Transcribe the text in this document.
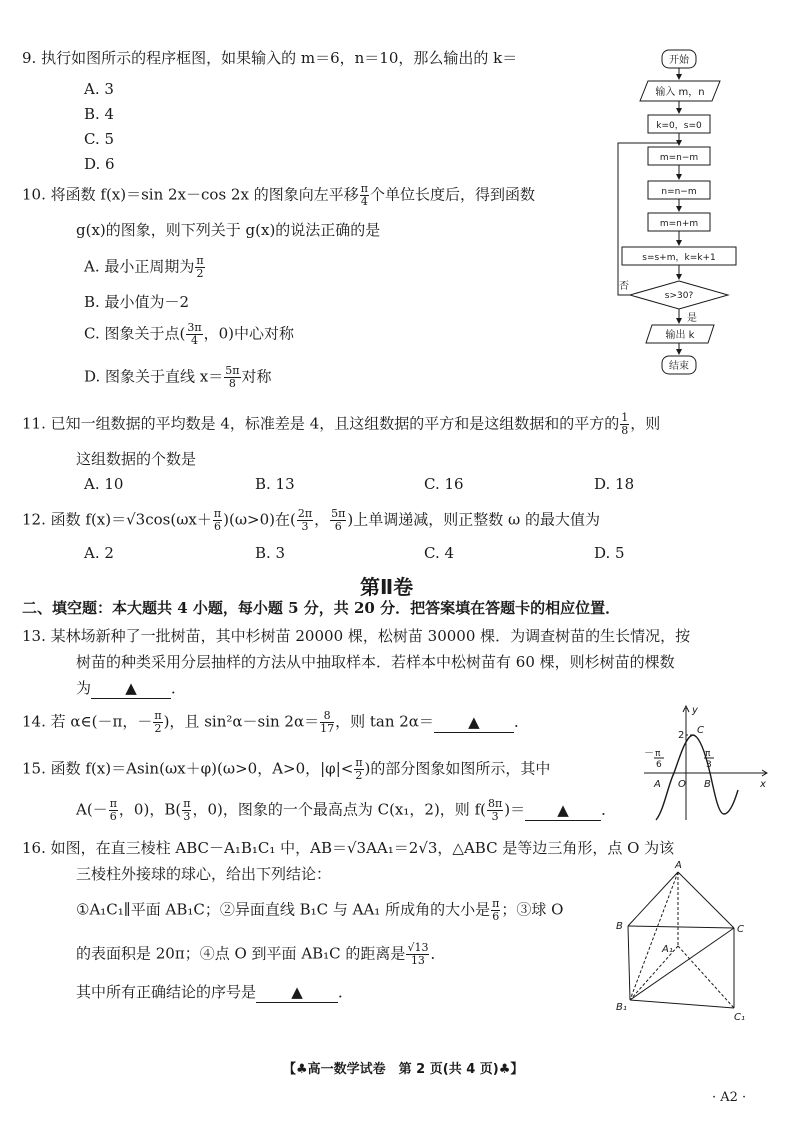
9. 执行如图所示的程序框图，如果输入的 m＝6，n＝10，那么输出的 k＝
A. 3
B. 4
C. 5
D. 6
开始
输入 m，n
k=0，s=0
m=n−m
n=n−m
m=n+m
s=s+m，k=k+1
s>30?
否
是
输出 k
结束
10. 将函数 f(x)＝sin 2x－cos 2x 的图象向左平移 $\frac{\pi}{4}$ 个单位长度后，得到函数
g(x)的图象，则下列关于 g(x)的说法正确的是
A. 最小正周期为 $\frac{\pi}{2}$
B. 最小值为－2
C. 图象关于点( $\frac{3\pi}{4}$ ，0)中心对称
D. 图象关于直线 $x= \frac{5\pi}{8}$ 对称
11. 已知一组数据的平均数是 4，标准差是 4，且这组数据的平方和是这组数据和的平方的 $\frac{1}{8}$ ，则
这组数据的个数是
A. 10	B. 13	C. 16	D. 18
12. 函数 $f(x)=√3\cos(\omega x+ \frac{\pi}{6} )(\omega>0)$在( $\frac{2\pi}{3}$ ， $\frac{5\pi}{6}$ )上单调递减，则正整数 ω 的最大值为
A. 2	B. 3	C. 4	D. 5
第Ⅱ卷
二、填空题：本大题共 4 小题，每小题 5 分，共 20 分．把答案填在答题卡的相应位置．
13. 某林场新种了一批树苗，其中杉树苗 20000 棵，松树苗 30000 棵．为调查树苗的生长情况，按
树苗的种类采用分层抽样的方法从中抽取样本．若样本中松树苗有 60 棵，则杉树苗的棵数
为 ▲ ．
14. 若 α∈(－π，－ $\frac{\pi}{2}$ )，且 sin²α－sin $2\alpha= \frac{8}{17}$ ，则 tan 2α＝ ▲ ．
15. 函数 f(x)＝Asin(ωx＋φ)(ω>0，A>0，$|\varphi|< \frac{\pi}{2}$ )的部分图象如图所示，其中
$A(- \frac{\pi}{6}$ ，0)，$B( \frac{\pi}{3}$ ，0)，图象的一个最高点为 C(x₁，2)，则 $f( \frac{8\pi}{3}$ )＝ ▲ ．
y
x
2 C
A O B
－ π
6
π
3
16. 如图，在直三棱柱 ABC－A₁B₁C₁ 中，AB＝√3AA₁＝2√3，△ABC 是等边三角形，点 O 为该
三棱柱外接球的球心，给出下列结论：
①A₁C₁∥平面 AB₁C；②异面直线 B₁C 与 AA₁ 所成角的大小是 $\frac{\pi}{6}$ ；③球 O
的表面积是 20π；④点 O 到平面 AB₁C 的距离是 $\frac{√13}{13}$ ．
其中所有正确结论的序号是 ▲ ．
A
B	C
A₁
B₁
C₁
【♣高一数学试卷　第 2 页(共 4 页)♣】
· A2 ·
